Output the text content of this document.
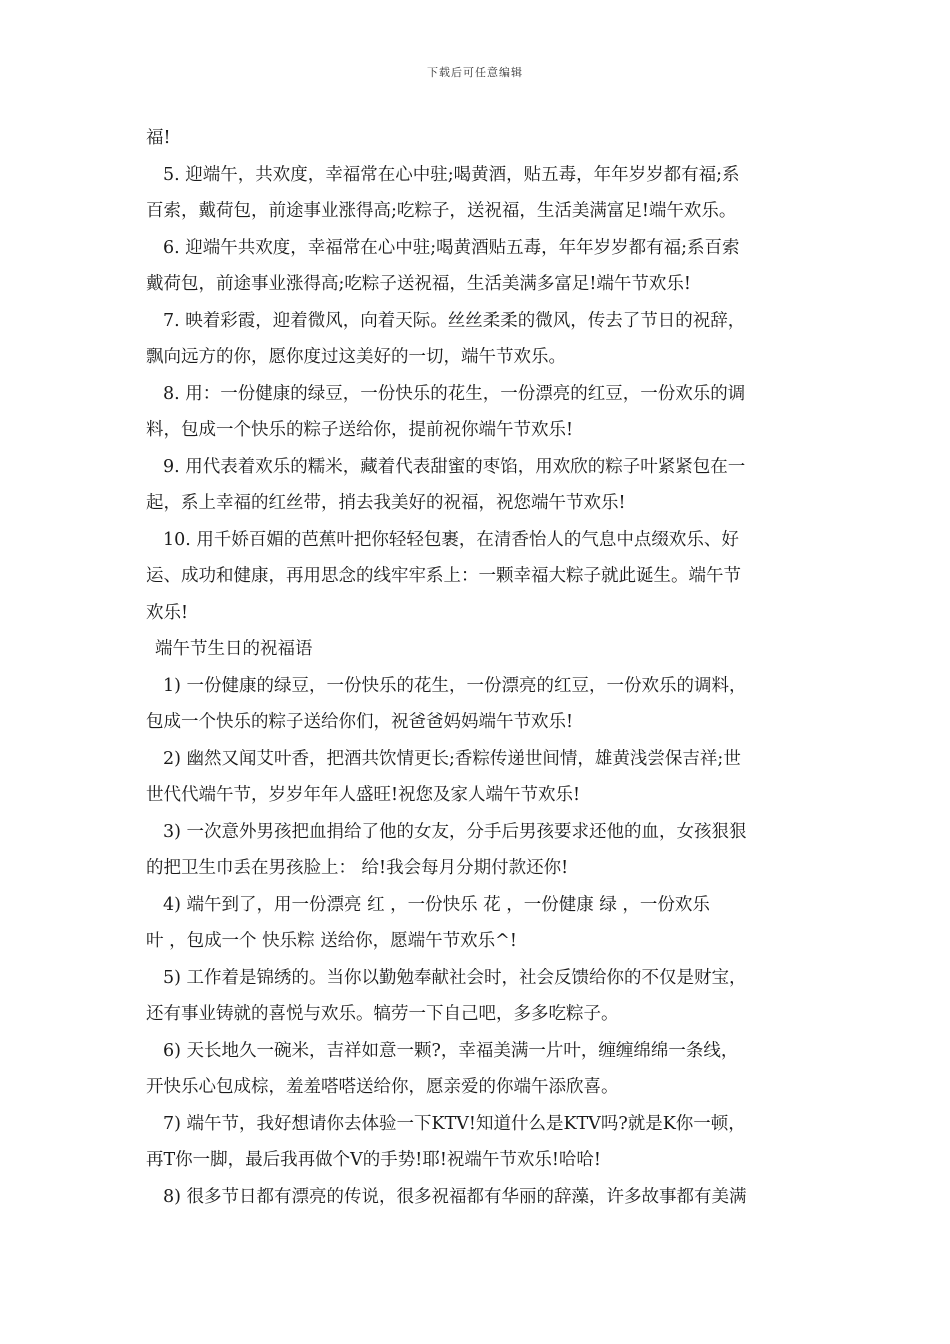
下载后可任意编辑
福!
5. 迎端午，共欢度，幸福常在心中驻;喝黄酒，贴五毒，年年岁岁都有福;系
百索，戴荷包，前途事业涨得高;吃粽子，送祝福，生活美满富足!端午欢乐。
6. 迎端午共欢度，幸福常在心中驻;喝黄酒贴五毒，年年岁岁都有福;系百索
戴荷包，前途事业涨得高;吃粽子送祝福，生活美满多富足!端午节欢乐!
7. 映着彩霞，迎着微风，向着天际。丝丝柔柔的微风，传去了节日的祝辞，
飘向远方的你，愿你度过这美好的一切，端午节欢乐。
8. 用：一份健康的绿豆，一份快乐的花生，一份漂亮的红豆，一份欢乐的调
料，包成一个快乐的粽子送给你，提前祝你端午节欢乐!
9. 用代表着欢乐的糯米，藏着代表甜蜜的枣馅，用欢欣的粽子叶紧紧包在一
起，系上幸福的红丝带，捎去我美好的祝福，祝您端午节欢乐!
10. 用千娇百媚的芭蕉叶把你轻轻包裹，在清香怡人的气息中点缀欢乐、好
运、成功和健康，再用思念的线牢牢系上：一颗幸福大粽子就此诞生。端午节
欢乐!
端午节生日的祝福语
1) 一份健康的绿豆，一份快乐的花生，一份漂亮的红豆，一份欢乐的调料，
包成一个快乐的粽子送给你们，祝爸爸妈妈端午节欢乐!
2) 幽然又闻艾叶香，把酒共饮情更长;香粽传递世间情，雄黄浅尝保吉祥;世
世代代端午节，岁岁年年人盛旺!祝您及家人端午节欢乐!
3) 一次意外男孩把血捐给了他的女友，分手后男孩要求还他的血，女孩狠狠
的把卫生巾丢在男孩脸上： 给!我会每月分期付款还你!
4) 端午到了，用一份漂亮 红 ，一份快乐 花 ，一份健康 绿 ，一份欢乐
叶 ，包成一个 快乐粽 送给你，愿端午节欢乐^!
5) 工作着是锦绣的。当你以勤勉奉献社会时，社会反馈给你的不仅是财宝，
还有事业铸就的喜悦与欢乐。犒劳一下自己吧，多多吃粽子。
6) 天长地久一碗米，吉祥如意一颗?，幸福美满一片叶，缠缠绵绵一条线，
开快乐心包成棕，羞羞嗒嗒送给你，愿亲爱的你端午添欣喜。
7) 端午节，我好想请你去体验一下KTV!知道什么是KTV吗?就是K你一顿，
再T你一脚，最后我再做个V的手势!耶!祝端午节欢乐!哈哈!
8) 很多节日都有漂亮的传说，很多祝福都有华丽的辞藻，许多故事都有美满
